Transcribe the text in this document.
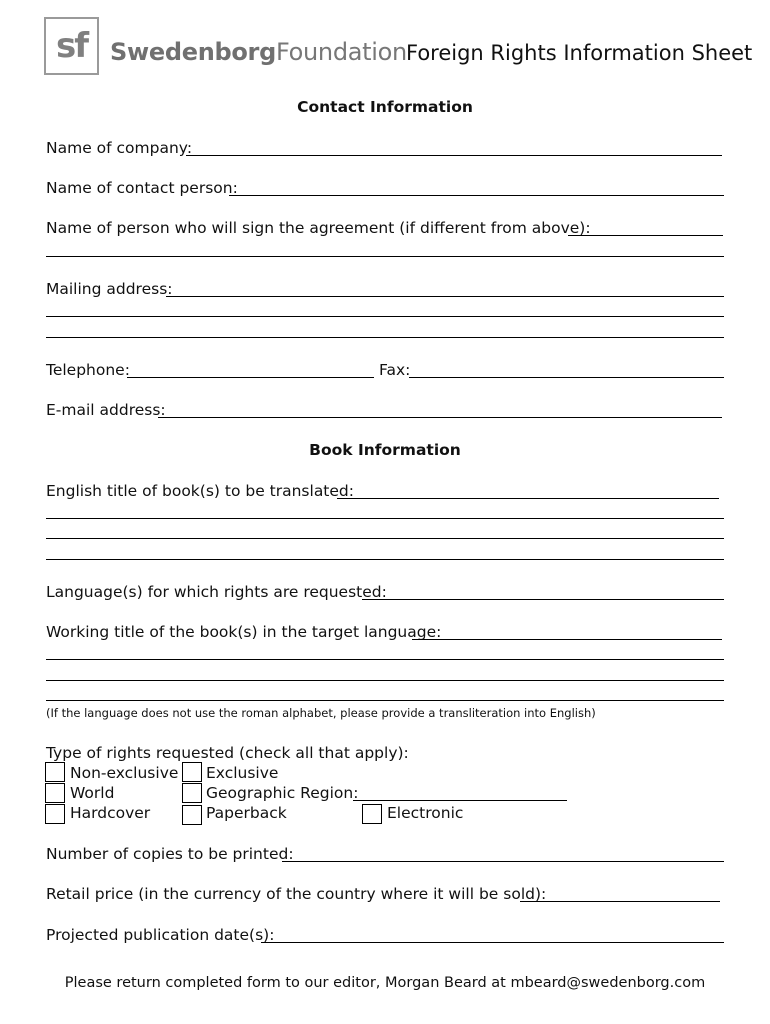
sf SwedenborgFoundation Foreign Rights Information Sheet
Contact Information
Name of company:
Name of contact person:
Name of person who will sign the agreement (if different from above):
Mailing address:
Telephone:	Fax:
E-mail address:
Book Information
English title of book(s) to be translated:
Language(s) for which rights are requested:
Working title of the book(s) in the target language:
(If the language does not use the roman alphabet, please provide a transliteration into English)
Type of rights requested (check all that apply):
Non-exclusive Exclusive
World	Geographic Region:
Hardcover	Paperback	Electronic
Number of copies to be printed:
Retail price (in the currency of the country where it will be sold):
Projected publication date(s):
Please return completed form to our editor, Morgan Beard at mbeard@swedenborg.com
